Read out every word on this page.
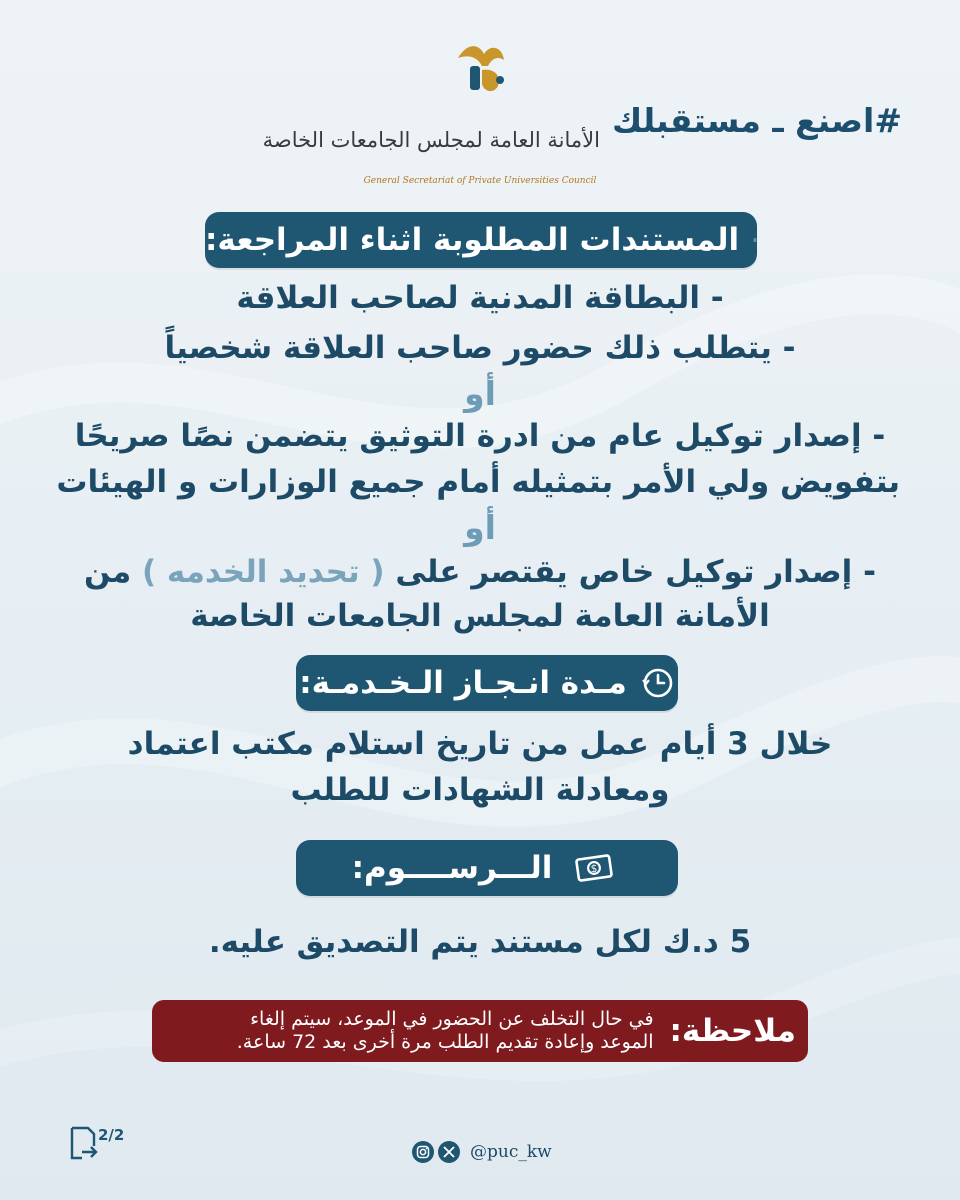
الأمانة العامة لمجلس الجامعات الخاصة
General Secretariat of Private Universities Council
#اصنع ـ مستقبلك
المستندات المطلوبة اثناء المراجعة:
- البطاقة المدنية لصاحب العلاقة
- يتطلب ذلك حضور صاحب العلاقة شخصياً
أو
- إصدار توكيل عام من ادرة التوثيق يتضمن نصًا صريحًا
بتفويض ولي الأمر بتمثيله أمام جميع الوزارات و الهيئات
أو
- إصدار توكيل خاص يقتصر على ( تحديد الخدمه ) من
الأمانة العامة لمجلس الجامعات الخاصة
مـدة انـجـاز الـخـدمـة:
خلال 3 أيام عمل من تاريخ استلام مكتب اعتماد
ومعادلة الشهادات للطلب
$
الـــرســــوم:
5 د.ك لكل مستند يتم التصديق عليه.
ملاحظة:
في حال التخلف عن الحضور في الموعد، سيتم إلغاء
الموعد وإعادة تقديم الطلب مرة أخرى بعد 72 ساعة.
2/2
@puc_kw
